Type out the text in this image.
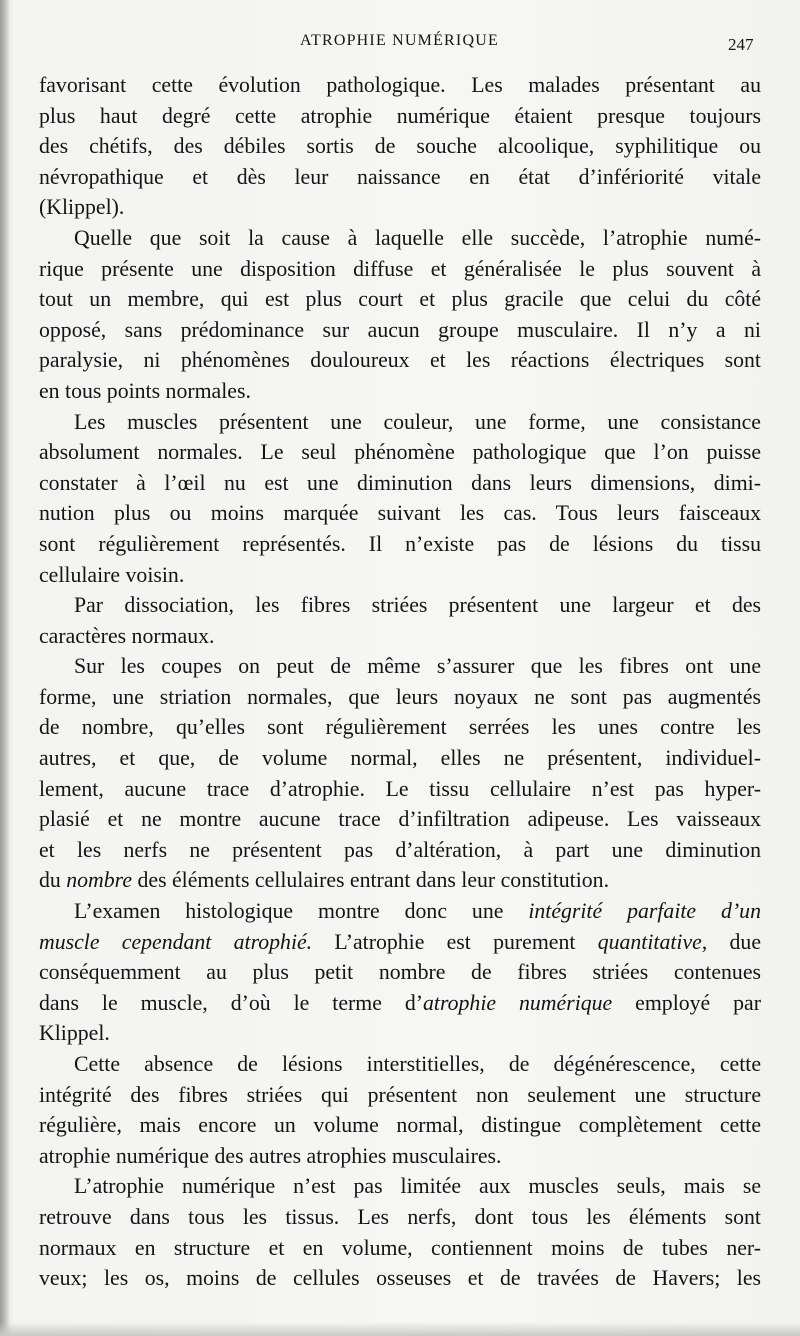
ATROPHIE NUMÉRIQUE	247
favorisant cette évolution pathologique. Les malades présentant au
plus haut degré cette atrophie numérique étaient presque toujours
des chétifs, des débiles sortis de souche alcoolique, syphilitique ou
névropathique et dès leur naissance en état d’infériorité vitale
(Klippel).
Quelle que soit la cause à laquelle elle succède, l’atrophie numé-
rique présente une disposition diffuse et généralisée le plus souvent à
tout un membre, qui est plus court et plus gracile que celui du côté
opposé, sans prédominance sur aucun groupe musculaire. Il n’y a ni
paralysie, ni phénomènes douloureux et les réactions électriques sont
en tous points normales.
Les muscles présentent une couleur, une forme, une consistance
absolument normales. Le seul phénomène pathologique que l’on puisse
constater à l’œil nu est une diminution dans leurs dimensions, dimi-
nution plus ou moins marquée suivant les cas. Tous leurs faisceaux
sont régulièrement représentés. Il n’existe pas de lésions du tissu
cellulaire voisin.
Par dissociation, les fibres striées présentent une largeur et des
caractères normaux.
Sur les coupes on peut de même s’assurer que les fibres ont une
forme, une striation normales, que leurs noyaux ne sont pas augmentés
de nombre, qu’elles sont régulièrement serrées les unes contre les
autres, et que, de volume normal, elles ne présentent, individuel-
lement, aucune trace d’atrophie. Le tissu cellulaire n’est pas hyper-
plasié et ne montre aucune trace d’infiltration adipeuse. Les vaisseaux
et les nerfs ne présentent pas d’altération, à part une diminution
du nombre des éléments cellulaires entrant dans leur constitution.
L’examen histologique montre donc une intégrité parfaite d’un
muscle cependant atrophié. L’atrophie est purement quantitative, due
conséquemment au plus petit nombre de fibres striées contenues
dans le muscle, d’où le terme d’atrophie numérique employé par
Klippel.
Cette absence de lésions interstitielles, de dégénérescence, cette
intégrité des fibres striées qui présentent non seulement une structure
régulière, mais encore un volume normal, distingue complètement cette
atrophie numérique des autres atrophies musculaires.
L’atrophie numérique n’est pas limitée aux muscles seuls, mais se
retrouve dans tous les tissus. Les nerfs, dont tous les éléments sont
normaux en structure et en volume, contiennent moins de tubes ner-
veux; les os, moins de cellules osseuses et de travées de Havers; les
